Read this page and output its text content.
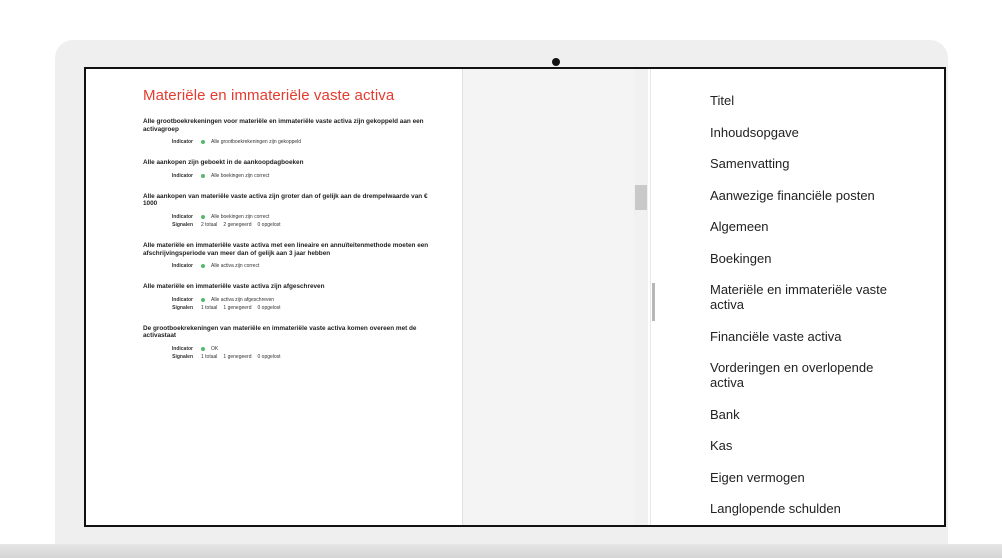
Materiële en immateriële vaste activa
Alle grootboekrekeningen voor materiële en immateriële vaste activa zijn gekoppeld aan een activagroep
Indicator	Alle grootboekrekeningen zijn gekoppeld
Alle aankopen zijn geboekt in de aankoopdagboeken
Indicator	Alle boekingen zijn correct
Alle aankopen van materiële vaste activa zijn groter dan of gelijk aan de drempelwaarde van € 1000
Indicator	Alle boekingen zijn correct
Signalen	2 totaal 2 genegeerd 0 opgelost
Alle materiële en immateriële vaste activa met een lineaire en annuïteitenmethode moeten een afschrijvingsperiode van meer dan of gelijk aan 3 jaar hebben
Indicator	Alle activa zijn correct
Alle materiële en immateriële vaste activa zijn afgeschreven
Indicator	Alle activa zijn afgeschreven
Signalen	1 totaal 1 genegeerd 0 opgelost
De grootboekrekeningen van materiële en immateriële vaste activa komen overeen met de activastaat
Indicator	OK
Signalen	1 totaal 1 genegeerd 0 opgelost
Titel
Inhoudsopgave
Samenvatting
Aanwezige financiële posten
Algemeen
Boekingen
Materiële en immateriële vaste activa
Financiële vaste activa
Vorderingen en overlopende activa
Bank
Kas
Eigen vermogen
Langlopende schulden
